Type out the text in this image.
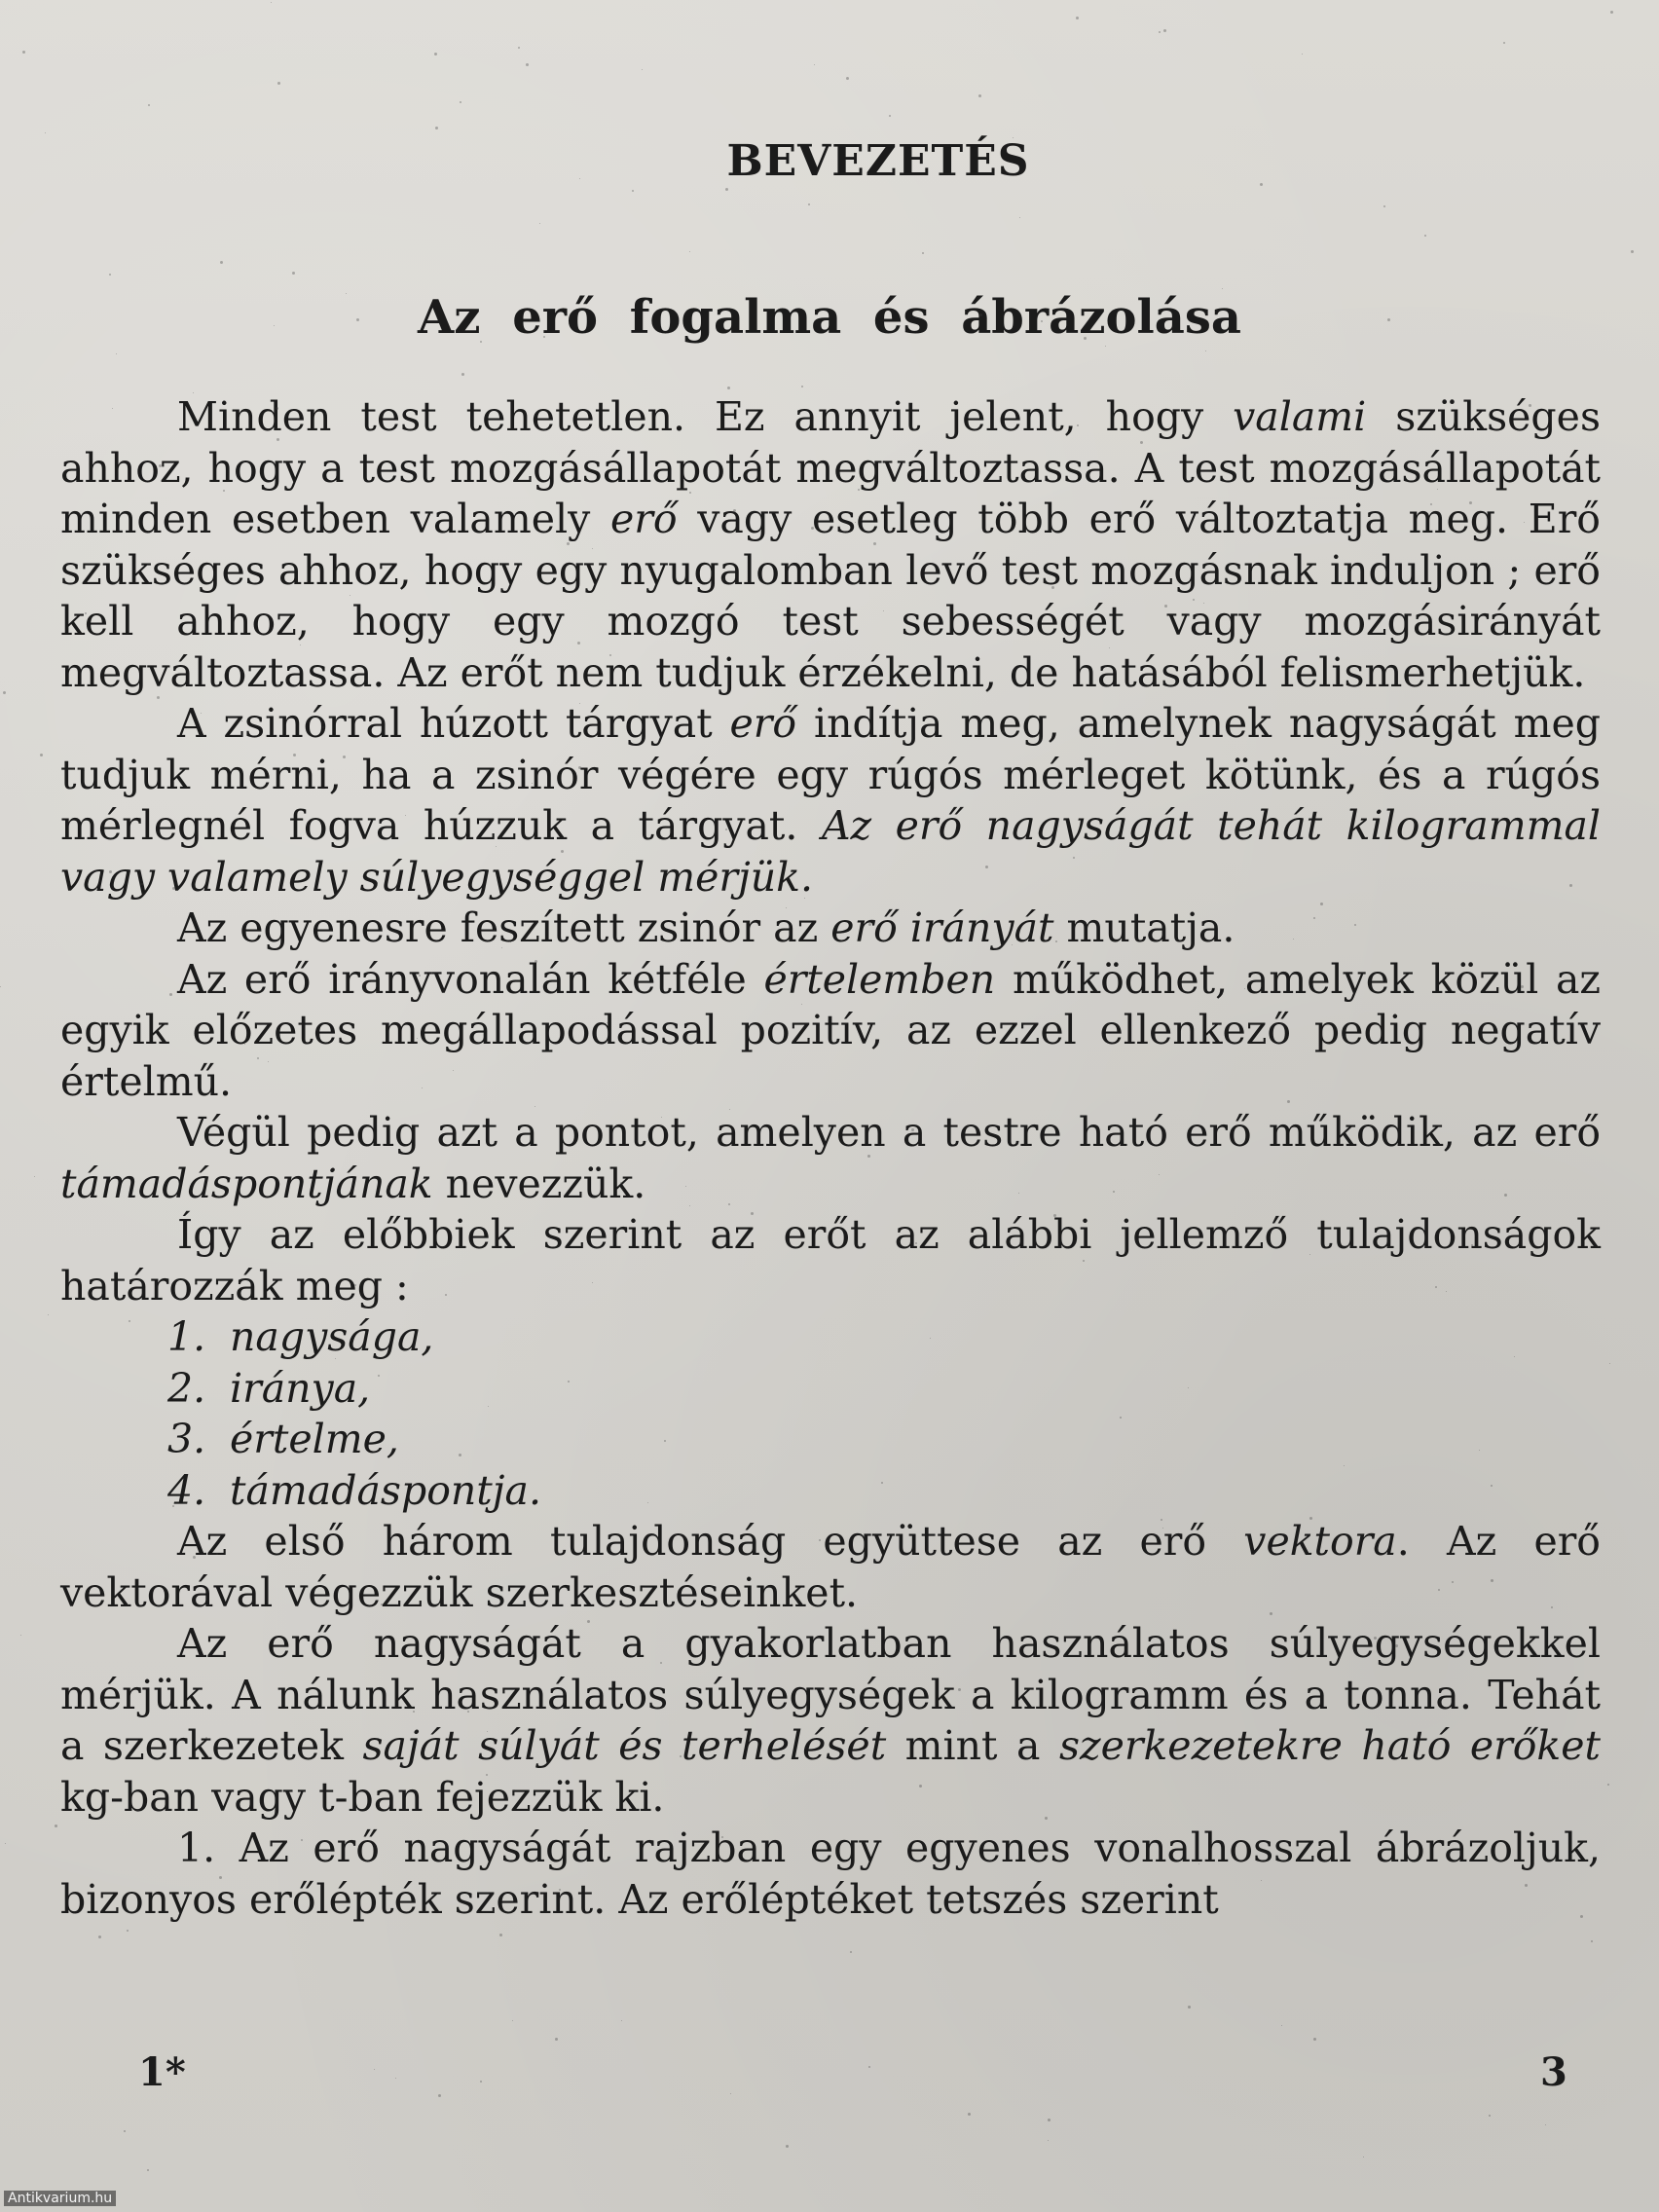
BEVEZETÉS
Az erő fogalma és ábrázolása

Minden test tehetetlen. Ez annyit jelent, hogy valami szükséges ahhoz, hogy a test mozgásállapotát megváltoztassa. A test mozgásállapotát minden esetben valamely erő vagy esetleg több erő változtatja meg. Erő szükséges ahhoz, hogy egy nyugalomban levő test mozgásnak induljon ; erő kell ahhoz, hogy egy mozgó test sebességét vagy mozgásirányát megváltoztassa. Az erőt nem tudjuk érzékelni, de hatásából felismerhetjük.

A zsinórral húzott tárgyat erő indítja meg, amelynek nagyságát meg tudjuk mérni, ha a zsinór végére egy rúgós mérleget kötünk, és a rúgós mérlegnél fogva húzzuk a tárgyat. Az erő nagyságát tehát kilogrammal vagy valamely súlyegységgel mérjük.

Az egyenesre feszített zsinór az erő irányát mutatja.

Az erő irányvonalán kétféle értelemben működhet, amelyek közül az egyik előzetes megállapodással pozitív, az ezzel ellenkező pedig negatív értelmű.

Végül pedig azt a pontot, amelyen a testre ható erő működik, az erő támadáspontjának nevezzük.

Így az előbbiek szerint az erőt az alábbi jellemző tulajdonságok határozzák meg :

1. nagysága,
2. iránya,
3. értelme,
4. támadáspontja.

Az első három tulajdonság együttese az erő vektora. Az erő vektorával végezzük szerkesztéseinket.

Az erő nagyságát a gyakorlatban használatos súlyegységekkel mérjük. A nálunk használatos súlyegységek a kilogramm és a tonna. Tehát a szerkezetek saját súlyát és terhelését mint a szerkezetekre ható erőket kg-ban vagy t-ban fejezzük ki.

1. Az erő nagyságát rajzban egy egyenes vonalhosszal ábrázoljuk, bizonyos erőlépték szerint. Az erőléptéket tetszés szerint

1*	3

Antikvarium.hu
